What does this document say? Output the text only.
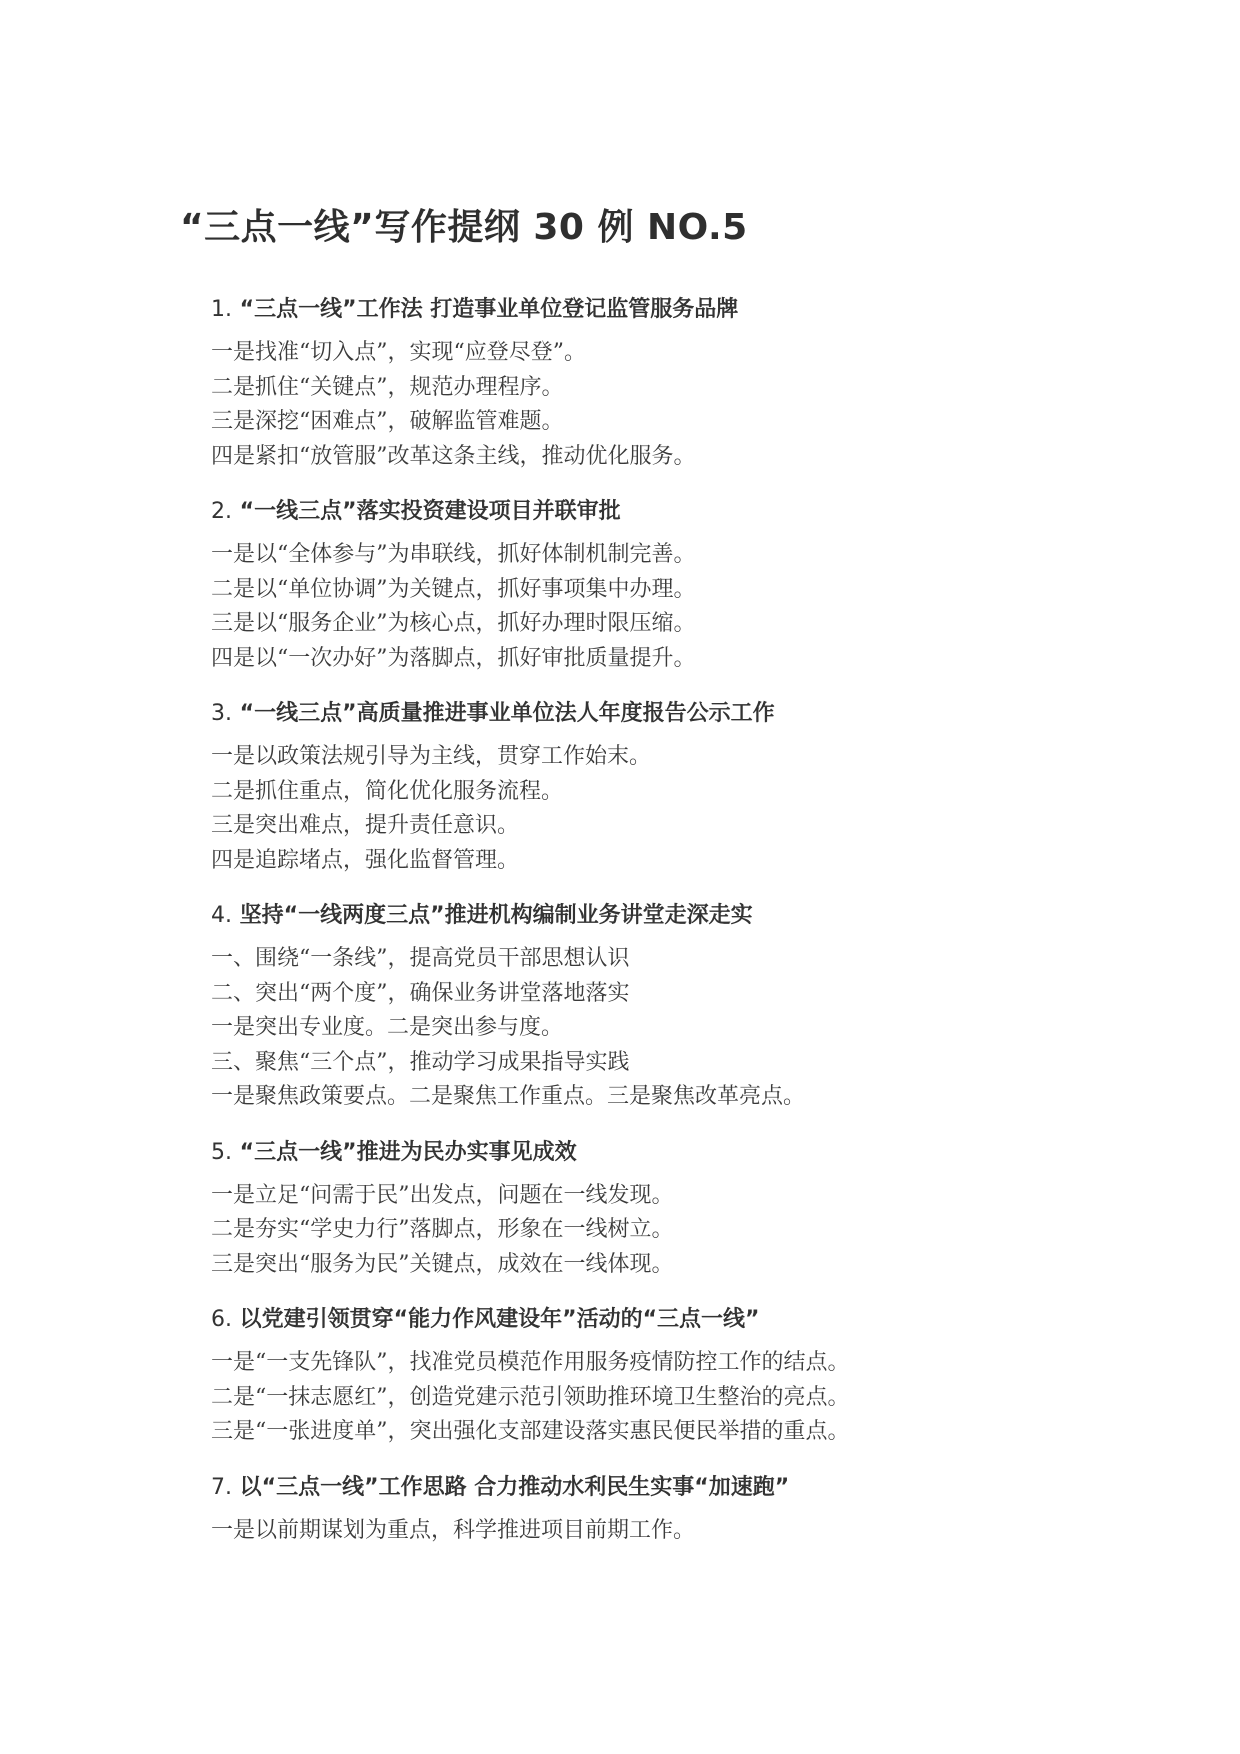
“三点一线”写作提纲 30 例 NO.5
1. “三点一线”工作法 打造事业单位登记监管服务品牌
一是找准“切入点”，实现“应登尽登”。
二是抓住“关键点”，规范办理程序。
三是深挖“困难点”，破解监管难题。
四是紧扣“放管服”改革这条主线，推动优化服务。
2. “一线三点”落实投资建设项目并联审批
一是以“全体参与”为串联线，抓好体制机制完善。
二是以“单位协调”为关键点，抓好事项集中办理。
三是以“服务企业”为核心点，抓好办理时限压缩。
四是以“一次办好”为落脚点，抓好审批质量提升。
3. “一线三点”高质量推进事业单位法人年度报告公示工作
一是以政策法规引导为主线，贯穿工作始末。
二是抓住重点，简化优化服务流程。
三是突出难点，提升责任意识。
四是追踪堵点，强化监督管理。
4. 坚持“一线两度三点”推进机构编制业务讲堂走深走实
一、围绕“一条线”，提高党员干部思想认识
二、突出“两个度”，确保业务讲堂落地落实
一是突出专业度。二是突出参与度。
三、聚焦“三个点”，推动学习成果指导实践
一是聚焦政策要点。二是聚焦工作重点。三是聚焦改革亮点。
5. “三点一线”推进为民办实事见成效
一是立足“问需于民”出发点，问题在一线发现。
二是夯实“学史力行”落脚点，形象在一线树立。
三是突出“服务为民”关键点，成效在一线体现。
6. 以党建引领贯穿“能力作风建设年”活动的“三点一线”
一是“一支先锋队”，找准党员模范作用服务疫情防控工作的结点。
二是“一抹志愿红”，创造党建示范引领助推环境卫生整治的亮点。
三是“一张进度单”，突出强化支部建设落实惠民便民举措的重点。
7. 以“三点一线”工作思路 合力推动水利民生实事“加速跑”
一是以前期谋划为重点，科学推进项目前期工作。
